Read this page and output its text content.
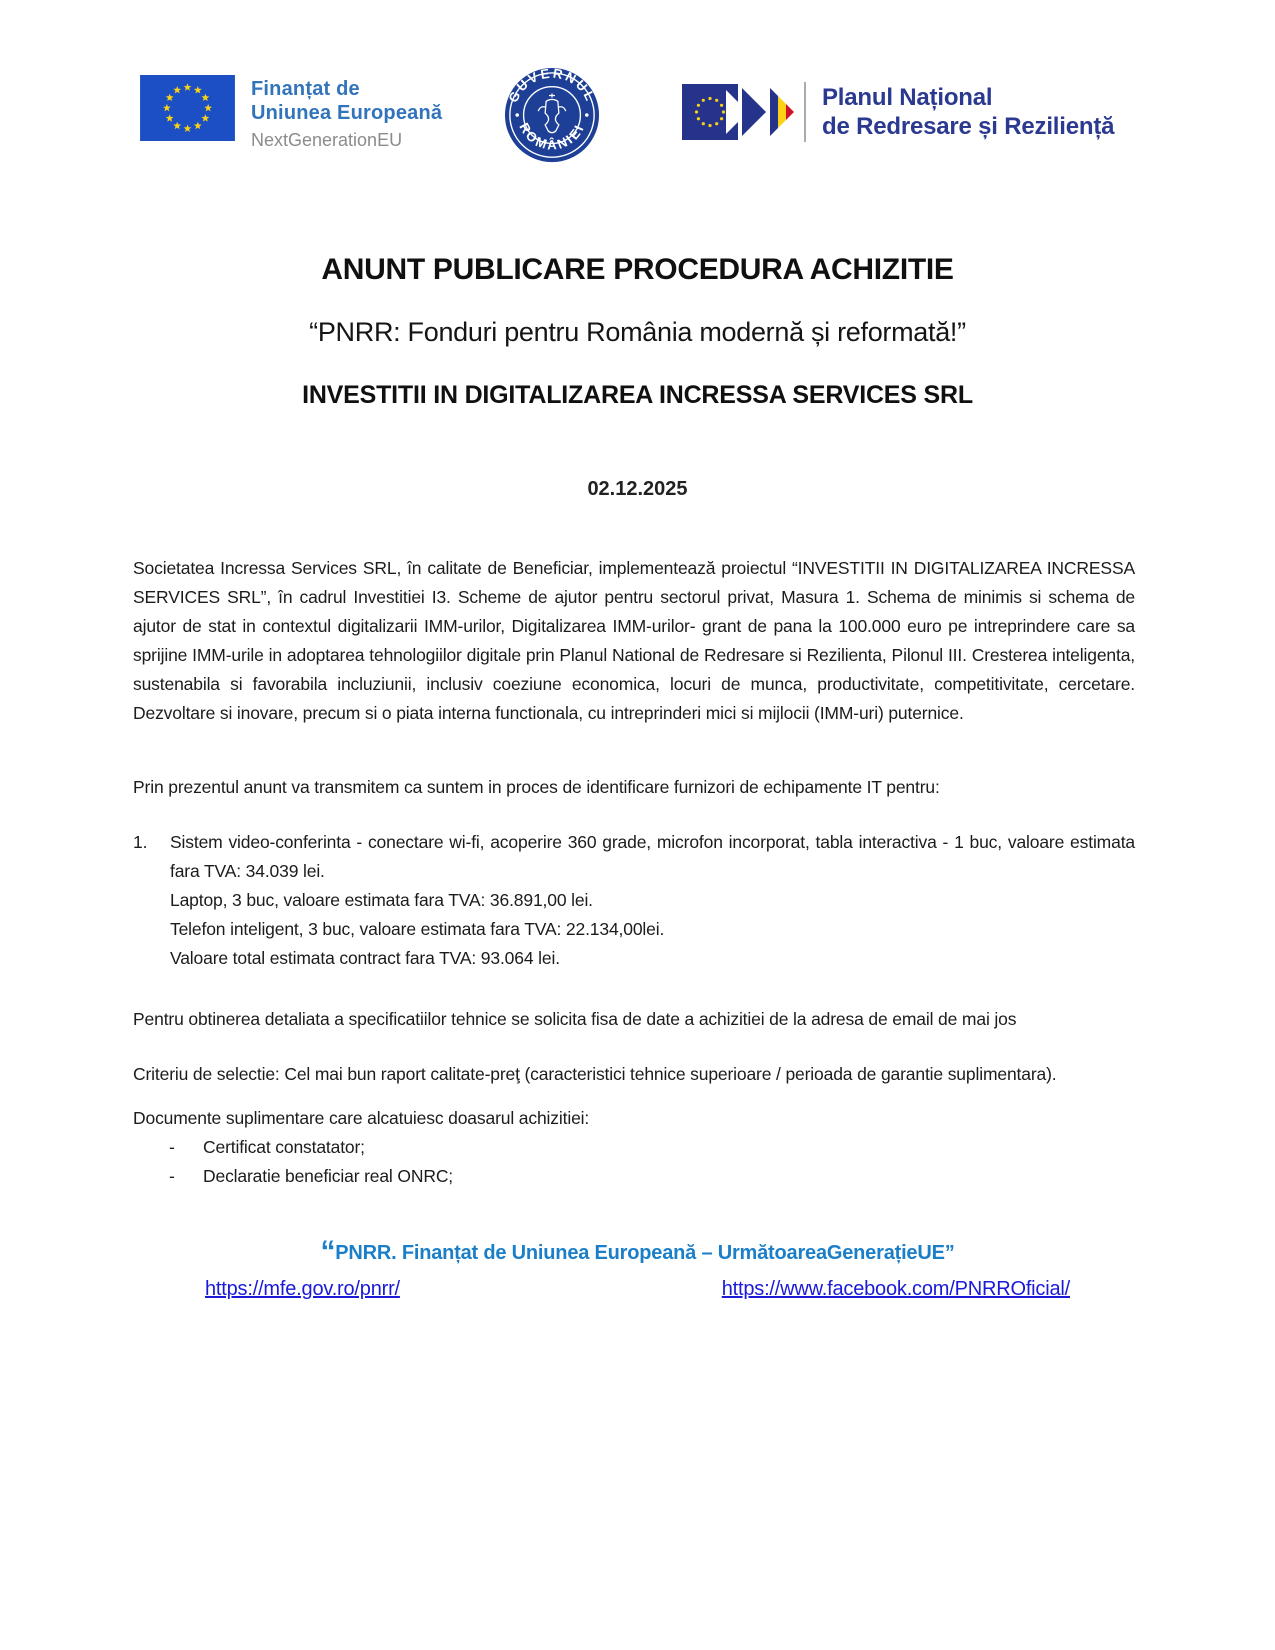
Finanțat de
Uniunea Europeană
NextGenerationEU
GUVERNUL
ROMÂNIEI
Planul Național
de Redresare și Reziliență
ANUNT PUBLICARE PROCEDURA ACHIZITIE
“PNRR: Fonduri pentru România modernă și reformată!”
INVESTITII IN DIGITALIZAREA INCRESSA SERVICES SRL
02.12.2025

Societatea Incressa Services SRL, în calitate de Beneficiar, implementează proiectul “INVESTITII IN DIGITALIZAREA INCRESSA SERVICES SRL”, în cadrul Investitiei I3. Scheme de ajutor pentru sectorul privat, Masura 1. Schema de minimis si schema de ajutor de stat in contextul digitalizarii IMM-urilor, Digitalizarea IMM-urilor- grant de pana la 100.000 euro pe intreprindere care sa sprijine IMM-urile in adoptarea tehnologiilor digitale prin Planul National de Redresare si Rezilienta, Pilonul III. Cresterea inteligenta, sustenabila si favorabila incluziunii, inclusiv coeziune economica, locuri de munca, productivitate, competitivitate, cercetare. Dezvoltare si inovare, precum si o piata interna functionala, cu intreprinderi mici si mijlocii (IMM-uri) puternice.

Prin prezentul anunt va transmitem ca suntem in proces de identificare furnizori de echipamente IT pentru:

1. Sistem video-conferinta - conectare wi-fi, acoperire 360 grade, microfon incorporat, tabla interactiva - 1 buc, valoare estimata fara TVA: 34.039 lei.
Laptop, 3 buc, valoare estimata fara TVA: 36.891,00 lei.
Telefon inteligent, 3 buc, valoare estimata fara TVA: 22.134,00lei.
Valoare total estimata contract fara TVA: 93.064 lei.

Pentru obtinerea detaliata a specificatiilor tehnice se solicita fisa de date a achizitiei de la adresa de email de mai jos

Criteriu de selectie: Cel mai bun raport calitate-preţ (caracteristici tehnice superioare / perioada de garantie suplimentara).

Documente suplimentare care alcatuiesc doasarul achizitiei:

- Certificat constatator;
- Declaratie beneficiar real ONRC;
“PNRR. Finanțat de Uniunea Europeană – UrmătoareaGenerațieUE”
https://mfe.gov.ro/pnrr/	https://www.facebook.com/PNRROficial/
